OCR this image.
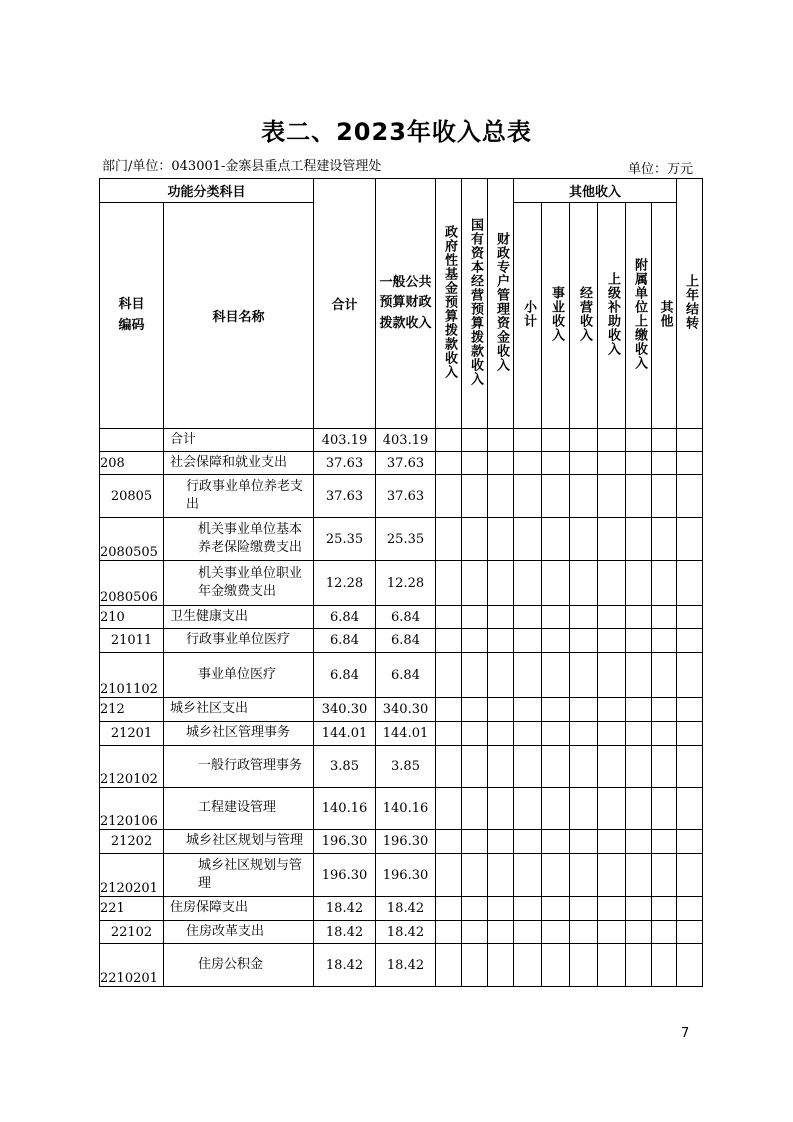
表二、2023年收入总表
部门/单位：043001-金寨县重点工程建设管理处	单位：万元
功能分类科目		合计	一般公共预算财政拨款收入	政府性基金预算拨款收入	国有资本经营预算拨款收入	财政专户管理资金收入	其他收入						上年结转

科目编码	科目名称						小计	事业收入	经营收入	上级补助收入	附属单位上缴收入	其他	
	合计	403.19	403.19										
208	社会保障和就业支出	37.63	37.63										
20805	行政事业单位养老支出	37.63	37.63										
2080505	机关事业单位基本养老保险缴费支出	25.35	25.35										
2080506	机关事业单位职业年金缴费支出	12.28	12.28										
210	卫生健康支出	6.84	6.84										
21011	行政事业单位医疗	6.84	6.84										
2101102	事业单位医疗	6.84	6.84										
212	城乡社区支出	340.30	340.30										
21201	城乡社区管理事务	144.01	144.01										
2120102	一般行政管理事务	3.85	3.85										
2120106	工程建设管理	140.16	140.16										
21202	城乡社区规划与管理	196.30	196.30										
2120201	城乡社区规划与管理	196.30	196.30										
221	住房保障支出	18.42	18.42										
22102	住房改革支出	18.42	18.42										
2210201	住房公积金	18.42	18.42										
7
